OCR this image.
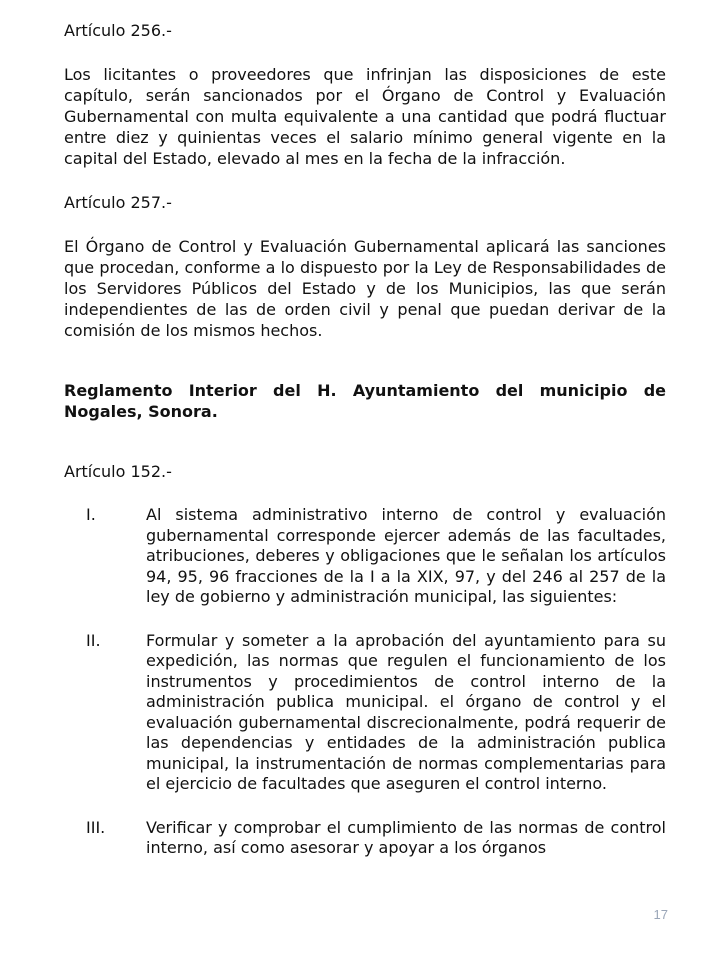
Artículo 256.-

Los licitantes o proveedores que infrinjan las disposiciones de este capítulo, serán sancionados por el Órgano de Control y Evaluación Gubernamental con multa equivalente a una cantidad que podrá fluctuar entre diez y quinientas veces el salario mínimo general vigente en la capital del Estado, elevado al mes en la fecha de la infracción.

Artículo 257.-

El Órgano de Control y Evaluación Gubernamental aplicará las sanciones que procedan, conforme a lo dispuesto por la Ley de Responsabilidades de los Servidores Públicos del Estado y de los Municipios, las que serán independientes de las de orden civil y penal que puedan derivar de la comisión de los mismos hechos.

Reglamento Interior del H. Ayuntamiento del municipio de Nogales, Sonora.

Artículo 152.-

I.	Al sistema administrativo interno de control y evaluación gubernamental corresponde ejercer además de las facultades, atribuciones, deberes y obligaciones que le señalan los artículos 94, 95, 96 fracciones de la I a la XIX, 97, y del 246 al 257 de la ley de gobierno y administración municipal, las siguientes:
II.	Formular y someter a la aprobación del ayuntamiento para su expedición, las normas que regulen el funcionamiento de los instrumentos y procedimientos de control interno de la administración publica municipal. el órgano de control y el evaluación gubernamental discrecionalmente, podrá requerir de las dependencias y entidades de la administración publica municipal, la instrumentación de normas complementarias para el ejercicio de facultades que aseguren el control interno.
III.	Verificar y comprobar el cumplimiento de las normas de control interno, así como asesorar y apoyar a los órganos
17
